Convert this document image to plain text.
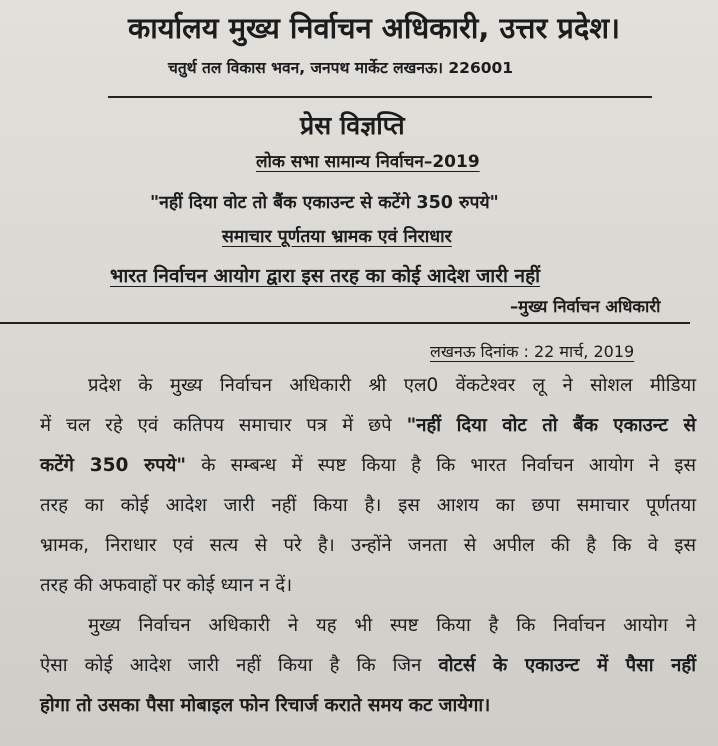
कार्यालय मुख्य निर्वाचन अधिकारी, उत्तर प्रदेश।
चतुर्थ तल विकास भवन, जनपथ मार्केट लखनऊ। 226001
प्रेस विज्ञप्ति
लोक सभा सामान्य निर्वाचन–2019
"नहीं दिया वोट तो बैंक एकाउन्ट से कटेंगे 350 रुपये"
समाचार पूर्णतया भ्रामक एवं निराधार
भारत निर्वाचन आयोग द्वारा इस तरह का कोई आदेश जारी नहीं
–मुख्य निर्वाचन अधिकारी
लखनऊ दिनांक : 22 मार्च, 2019

प्रदेश के मुख्य निर्वाचन अधिकारी श्री एल0 वेंकटेश्वर लू ने सोशल मीडिया

में चल रहे एवं कतिपय समाचार पत्र में छपे "नहीं दिया वोट तो बैंक एकाउन्ट से

कटेंगे 350 रुपये" के सम्बन्ध में स्पष्ट किया है कि भारत निर्वाचन आयोग ने इस

तरह का कोई आदेश जारी नहीं किया है। इस आशय का छपा समाचार पूर्णतया

भ्रामक, निराधार एवं सत्य से परे है। उन्होंने जनता से अपील की है कि वे इस

तरह की अफवाहों पर कोई ध्यान न दें।

मुख्य निर्वाचन अधिकारी ने यह भी स्पष्ट किया है कि निर्वाचन आयोग ने

ऐसा कोई आदेश जारी नहीं किया है कि जिन वोटर्स के एकाउन्ट में पैसा नहीं

होगा तो उसका पैसा मोबाइल फोन रिचार्ज कराते समय कट जायेगा।
